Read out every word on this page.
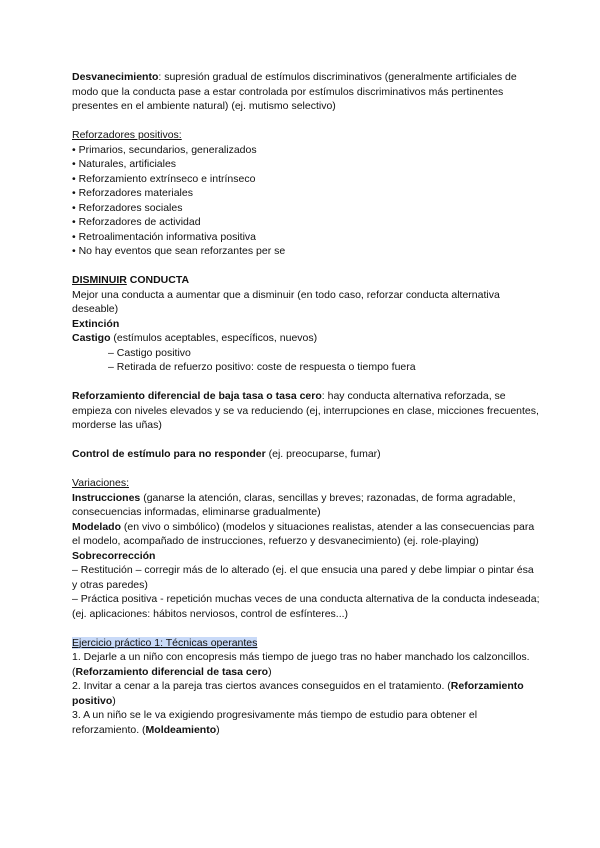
Desvanecimiento: supresión gradual de estímulos discriminativos (generalmente artificiales de modo que la conducta pase a estar controlada por estímulos discriminativos más pertinentes presentes en el ambiente natural) (ej. mutismo selectivo)

Reforzadores positivos:

• Primarios, secundarios, generalizados

• Naturales, artificiales

• Reforzamiento extrínseco e intrínseco

• Reforzadores materiales

• Reforzadores sociales

• Reforzadores de actividad

• Retroalimentación informativa positiva

• No hay eventos que sean reforzantes per se

DISMINUIR CONDUCTA

Mejor una conducta a aumentar que a disminuir (en todo caso, reforzar conducta alternativa deseable)

Extinción

Castigo (estímulos aceptables, específicos, nuevos)

– Castigo positivo

– Retirada de refuerzo positivo: coste de respuesta o tiempo fuera

Reforzamiento diferencial de baja tasa o tasa cero: hay conducta alternativa reforzada, se empieza con niveles elevados y se va reduciendo (ej, interrupciones en clase, micciones frecuentes, morderse las uñas)

Control de estímulo para no responder (ej. preocuparse, fumar)

Variaciones:

Instrucciones (ganarse la atención, claras, sencillas y breves; razonadas, de forma agradable, consecuencias informadas, eliminarse gradualmente)

Modelado (en vivo o simbólico) (modelos y situaciones realistas, atender a las consecuencias para el modelo, acompañado de instrucciones, refuerzo y desvanecimiento) (ej. role-playing)

Sobrecorrección

– Restitución – corregir más de lo alterado (ej. el que ensucia una pared y debe limpiar o pintar ésa y otras paredes)

– Práctica positiva - repetición muchas veces de una conducta alternativa de la conducta indeseada; (ej. aplicaciones: hábitos nerviosos, control de esfínteres...)

Ejercicio práctico 1: Técnicas operantes

1. Dejarle a un niño con encopresis más tiempo de juego tras no haber manchado los calzoncillos. (Reforzamiento diferencial de tasa cero)

2. Invitar a cenar a la pareja tras ciertos avances conseguidos en el tratamiento. (Reforzamiento positivo)

3. A un niño se le va exigiendo progresivamente más tiempo de estudio para obtener el reforzamiento. (Moldeamiento)
